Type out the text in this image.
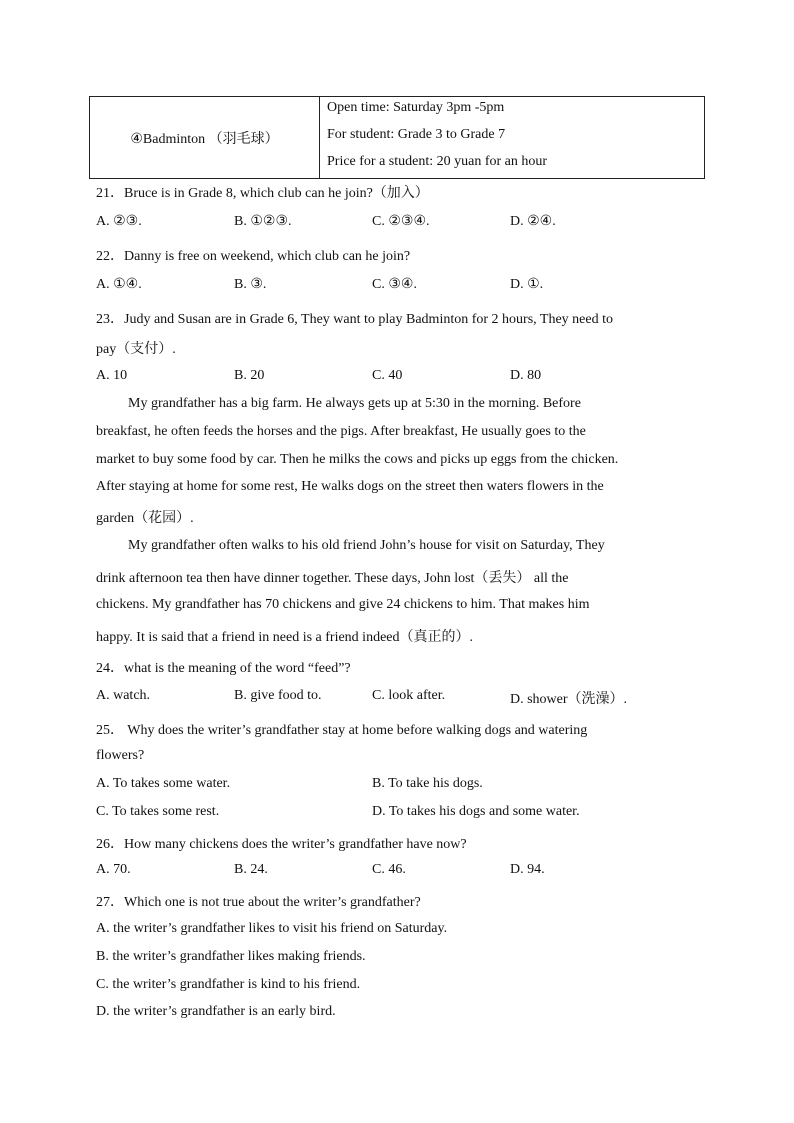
④Badminton （羽毛球）
Open time: Saturday 3pm -5pm
For student: Grade 3 to Grade 7
Price for a student: 20 yuan for an hour
21．Bruce is in Grade 8, which club can he join?（加入）
A. ②③.	B. ①②③.	C. ②③④.	D. ②④.
22．Danny is free on weekend, which club can he join?
A. ①④.	B. ③.	C. ③④.	D. ①.
23．Judy and Susan are in Grade 6, They want to play Badminton for 2 hours, They need to
pay（支付）.
A. 10	B. 20	C. 40	D. 80
My grandfather has a big farm. He always gets up at 5:30 in the morning. Before
breakfast, he often feeds the horses and the pigs. After breakfast, He usually goes to the
market to buy some food by car. Then he milks the cows and picks up eggs from the chicken.
After staying at home for some rest, He walks dogs on the street then waters flowers in the
garden（花园）.
My grandfather often walks to his old friend John’s house for visit on Saturday, They
drink afternoon tea then have dinner together. These days, John lost（丢失） all the
chickens. My grandfather has 70 chickens and give 24 chickens to him. That makes him
happy. It is said that a friend in need is a friend indeed（真正的）.
24．what is the meaning of the word “feed”?
A. watch.	B. give food to.	C. look after.	D. shower（洗澡）.
25． Why does the writer’s grandfather stay at home before walking dogs and watering
flowers?
A. To takes some water.	B. To take his dogs.
C. To takes some rest.	D. To takes his dogs and some water.
26．How many chickens does the writer’s grandfather have now?
A. 70.	B. 24.	C. 46.	D. 94.
27．Which one is not true about the writer’s grandfather?
A. the writer’s grandfather likes to visit his friend on Saturday.
B. the writer’s grandfather likes making friends.
C. the writer’s grandfather is kind to his friend.
D. the writer’s grandfather is an early bird.
